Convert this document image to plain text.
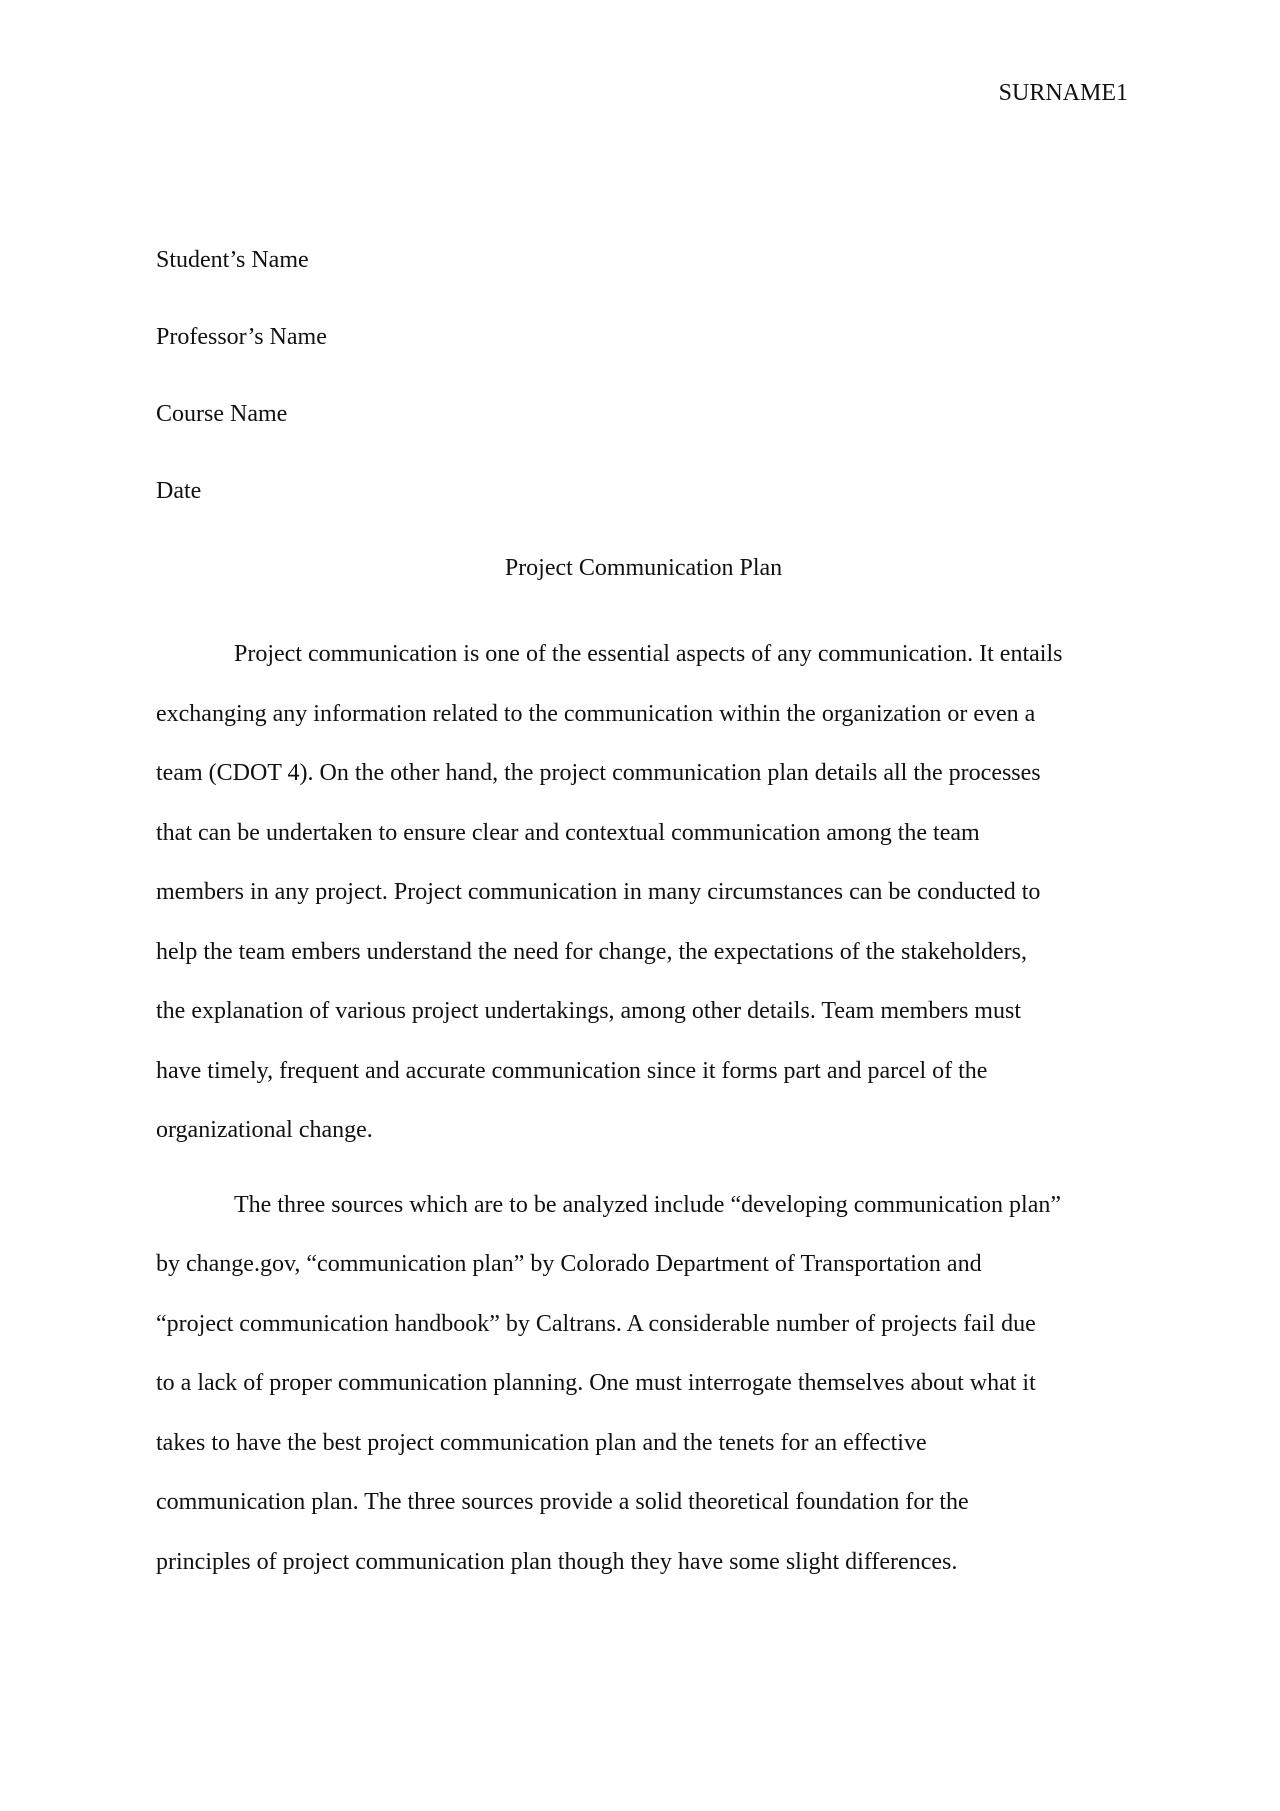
SURNAME1

Student’s Name

Professor’s Name

Course Name

Date

Project Communication Plan

Project communication is one of the essential aspects of any communication. It entails
exchanging any information related to the communication within the organization or even a
team (CDOT 4). On the other hand, the project communication plan details all the processes
that can be undertaken to ensure clear and contextual communication among the team
members in any project. Project communication in many circumstances can be conducted to
help the team embers understand the need for change, the expectations of the stakeholders,
the explanation of various project undertakings, among other details. Team members must
have timely, frequent and accurate communication since it forms part and parcel of the
organizational change.

The three sources which are to be analyzed include “developing communication plan”
by change.gov, “communication plan” by Colorado Department of Transportation and
“project communication handbook” by Caltrans. A considerable number of projects fail due
to a lack of proper communication planning. One must interrogate themselves about what it
takes to have the best project communication plan and the tenets for an effective
communication plan. The three sources provide a solid theoretical foundation for the
principles of project communication plan though they have some slight differences.
